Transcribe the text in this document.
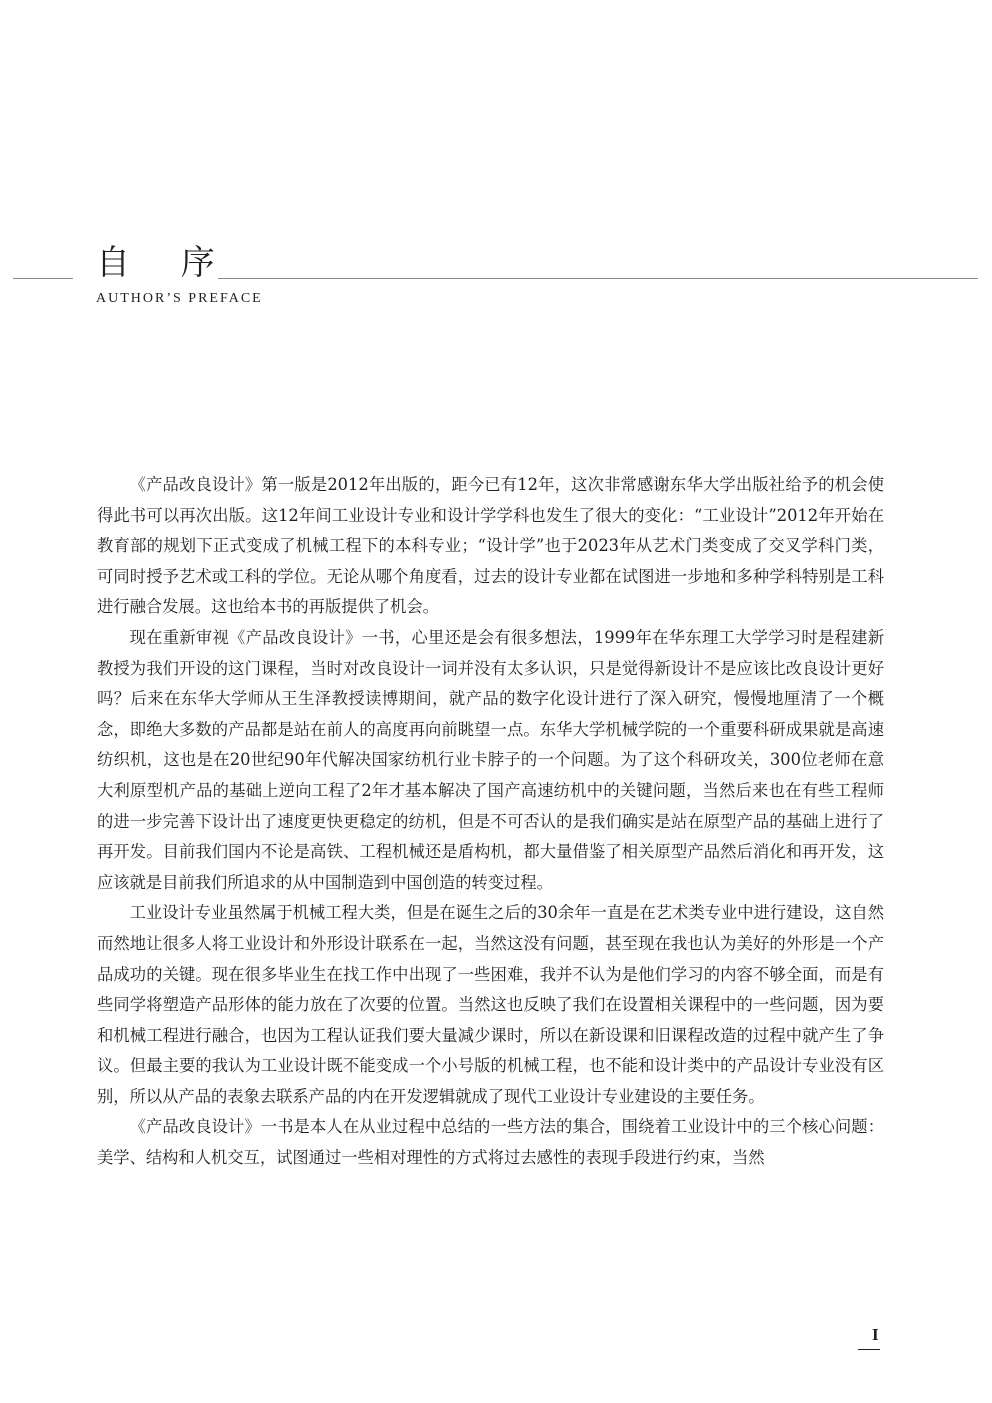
自 序
AUTHOR’S PREFACE

《产品改良设计》第一版是2012年出版的，距今已有12年，这次非常感谢东华大学出版社给予的机会使得此书可以再次出版。这12年间工业设计专业和设计学学科也发生了很大的变化：“工业设计”2012年开始在教育部的规划下正式变成了机械工程下的本科专业；“设计学”也于2023年从艺术门类变成了交叉学科门类，可同时授予艺术或工科的学位。无论从哪个角度看，过去的设计专业都在试图进一步地和多种学科特别是工科进行融合发展。这也给本书的再版提供了机会。

现在重新审视《产品改良设计》一书，心里还是会有很多想法，1999年在华东理工大学学习时是程建新教授为我们开设的这门课程，当时对改良设计一词并没有太多认识，只是觉得新设计不是应该比改良设计更好吗？后来在东华大学师从王生泽教授读博期间，就产品的数字化设计进行了深入研究，慢慢地厘清了一个概念，即绝大多数的产品都是站在前人的高度再向前眺望一点。东华大学机械学院的一个重要科研成果就是高速纺织机，这也是在20世纪90年代解决国家纺机行业卡脖子的一个问题。为了这个科研攻关，300位老师在意大利原型机产品的基础上逆向工程了2年才基本解决了国产高速纺机中的关键问题，当然后来也在有些工程师的进一步完善下设计出了速度更快更稳定的纺机，但是不可否认的是我们确实是站在原型产品的基础上进行了再开发。目前我们国内不论是高铁、工程机械还是盾构机，都大量借鉴了相关原型产品然后消化和再开发，这应该就是目前我们所追求的从中国制造到中国创造的转变过程。

工业设计专业虽然属于机械工程大类，但是在诞生之后的30余年一直是在艺术类专业中进行建设，这自然而然地让很多人将工业设计和外形设计联系在一起，当然这没有问题，甚至现在我也认为美好的外形是一个产品成功的关键。现在很多毕业生在找工作中出现了一些困难，我并不认为是他们学习的内容不够全面，而是有些同学将塑造产品形体的能力放在了次要的位置。当然这也反映了我们在设置相关课程中的一些问题，因为要和机械工程进行融合，也因为工程认证我们要大量减少课时，所以在新设课和旧课程改造的过程中就产生了争议。但最主要的我认为工业设计既不能变成一个小号版的机械工程，也不能和设计类中的产品设计专业没有区别，所以从产品的表象去联系产品的内在开发逻辑就成了现代工业设计专业建设的主要任务。

《产品改良设计》一书是本人在从业过程中总结的一些方法的集合，围绕着工业设计中的三个核心问题：美学、结构和人机交互，试图通过一些相对理性的方式将过去感性的表现手段进行约束，当然

I
